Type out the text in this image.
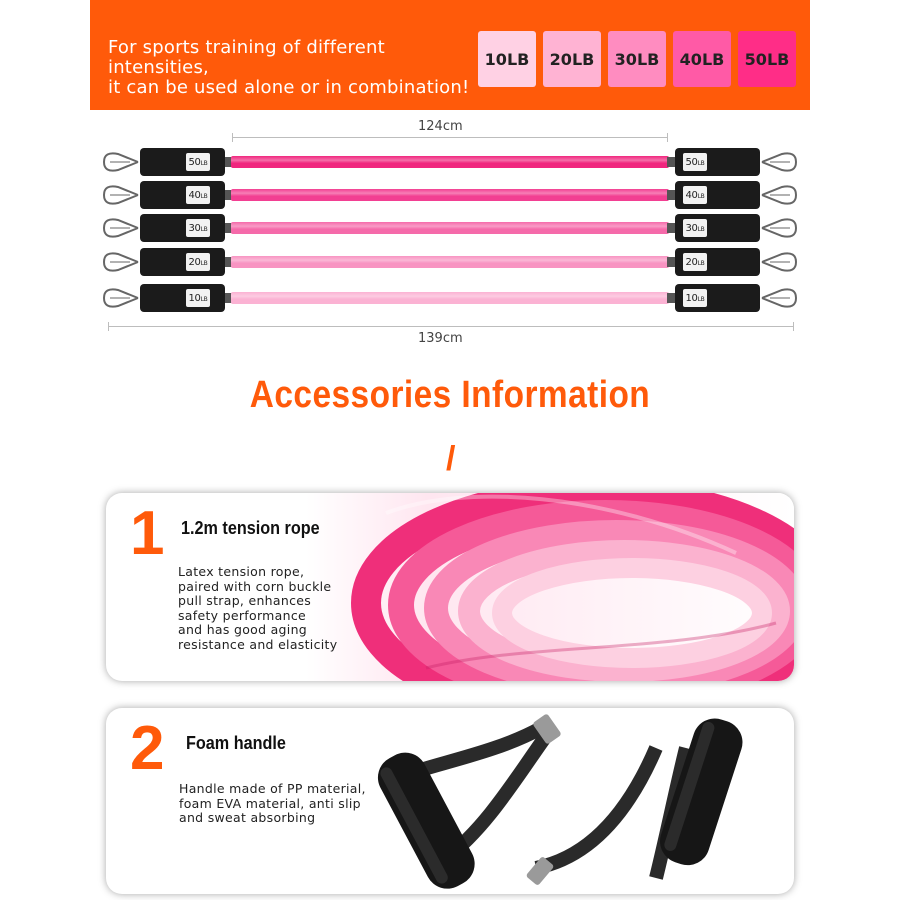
For sports training of different intensities,
it can be used alone or in combination!
10LB	20LB	30LB	40LB	50LB
124cm
50 LB	50 LB
40 LB	40 LB
30 LB	30 LB
20 LB	20 LB
10 LB	10 LB
139cm
Accessories Information
/
1 1.2m tension rope
Latex tension rope,
paired with corn buckle
pull strap, enhances
safety performance
and has good aging
resistance and elasticity
2 Foam handle
Handle made of PP material,
foam EVA material, anti slip
and sweat absorbing
